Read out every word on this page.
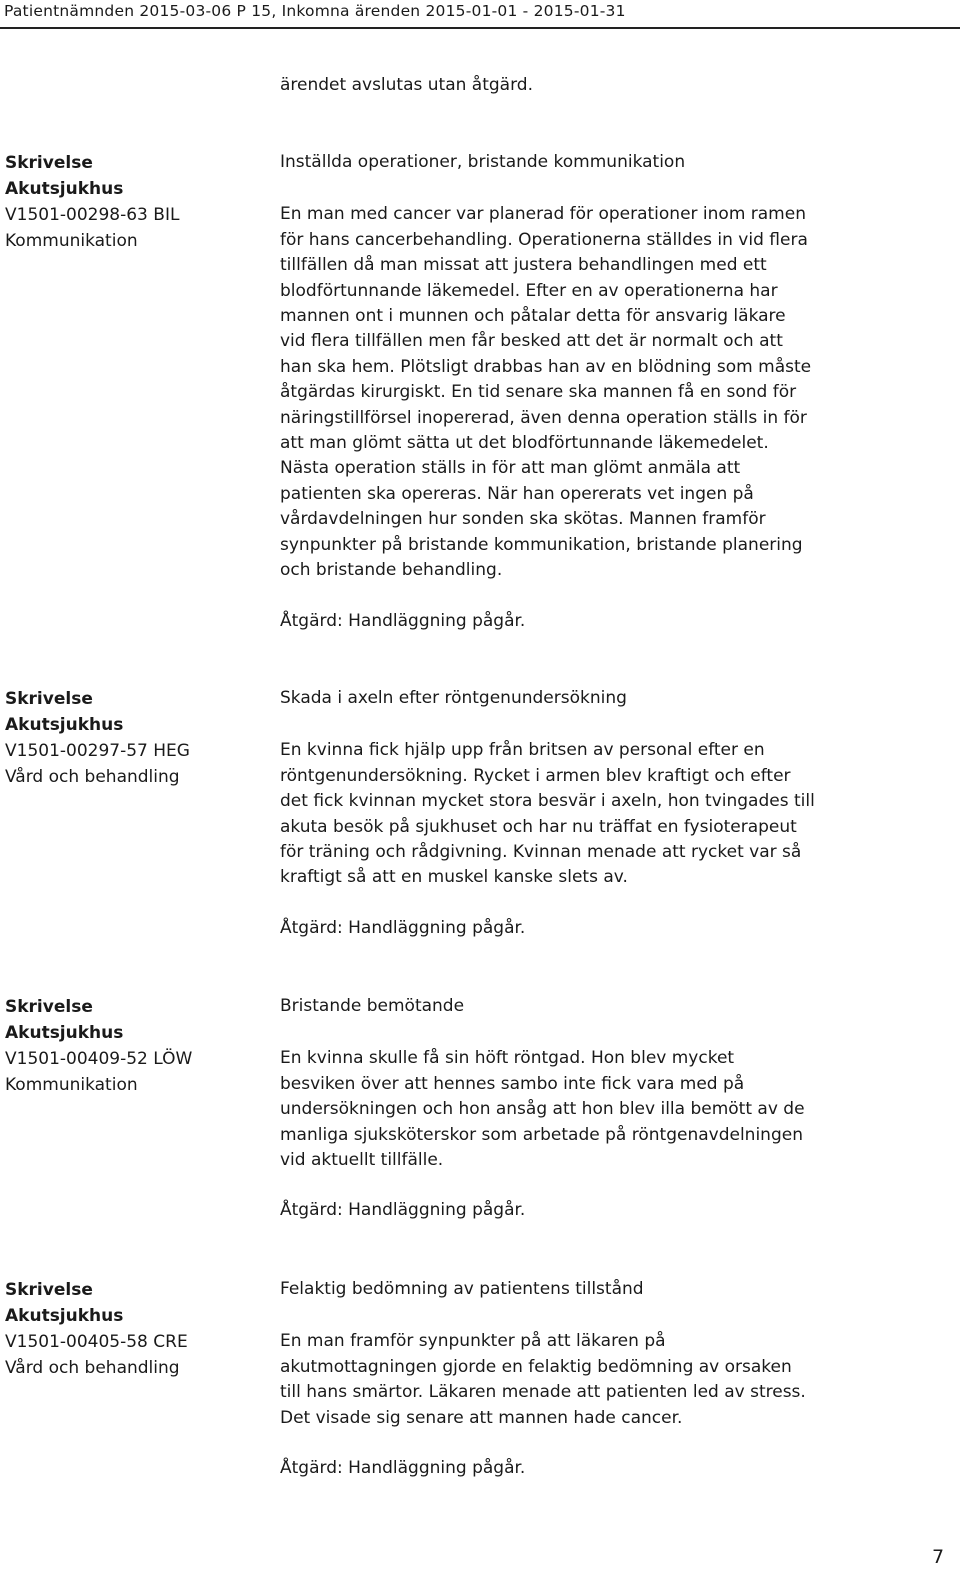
Patientnämnden 2015-03-06 P 15, Inkomna ärenden 2015-01-01 - 2015-01-31
ärendet avslutas utan åtgärd.
Skrivelse
Akutsjukhus
V1501-00298-63 BIL
Kommunikation
Inställda operationer, bristande kommunikation
En man med cancer var planerad för operationer inom ramen
för hans cancerbehandling. Operationerna ställdes in vid flera
tillfällen då man missat att justera behandlingen med ett
blodförtunnande läkemedel. Efter en av operationerna har
mannen ont i munnen och påtalar detta för ansvarig läkare
vid flera tillfällen men får besked att det är normalt och att
han ska hem. Plötsligt drabbas han av en blödning som måste
åtgärdas kirurgiskt. En tid senare ska mannen få en sond för
näringstillförsel inopererad, även denna operation ställs in för
att man glömt sätta ut det blodförtunnande läkemedelet.
Nästa operation ställs in för att man glömt anmäla att
patienten ska opereras. När han opererats vet ingen på
vårdavdelningen hur sonden ska skötas. Mannen framför
synpunkter på bristande kommunikation, bristande planering
och bristande behandling.
Åtgärd: Handläggning pågår.
Skrivelse
Akutsjukhus
V1501-00297-57 HEG
Vård och behandling
Skada i axeln efter röntgenundersökning
En kvinna fick hjälp upp från britsen av personal efter en
röntgenundersökning. Rycket i armen blev kraftigt och efter
det fick kvinnan mycket stora besvär i axeln, hon tvingades till
akuta besök på sjukhuset och har nu träffat en fysioterapeut
för träning och rådgivning. Kvinnan menade att rycket var så
kraftigt så att en muskel kanske slets av.
Åtgärd: Handläggning pågår.
Skrivelse
Akutsjukhus
V1501-00409-52 LÖW
Kommunikation
Bristande bemötande
En kvinna skulle få sin höft röntgad. Hon blev mycket
besviken över att hennes sambo inte fick vara med på
undersökningen och hon ansåg att hon blev illa bemött av de
manliga sjuksköterskor som arbetade på röntgenavdelningen
vid aktuellt tillfälle.
Åtgärd: Handläggning pågår.
Skrivelse
Akutsjukhus
V1501-00405-58 CRE
Vård och behandling
Felaktig bedömning av patientens tillstånd
En man framför synpunkter på att läkaren på
akutmottagningen gjorde en felaktig bedömning av orsaken
till hans smärtor. Läkaren menade att patienten led av stress.
Det visade sig senare att mannen hade cancer.
Åtgärd: Handläggning pågår.
7
